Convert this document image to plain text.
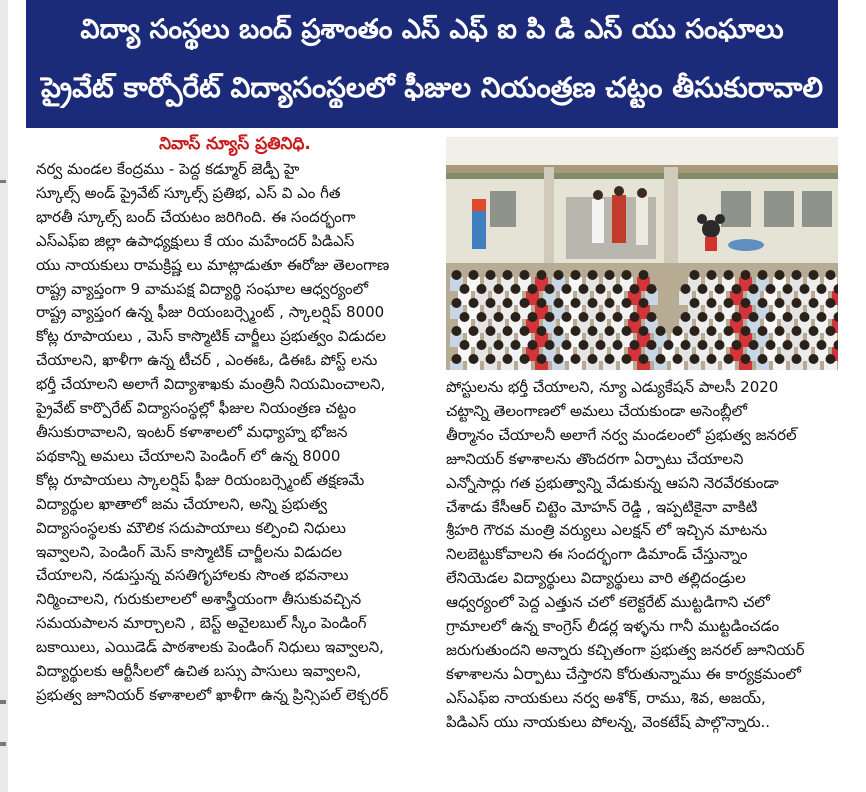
విద్యా సంస్థలు బంద్ ప్రశాంతం ఎస్ ఎఫ్ ఐ పి డి ఎస్ యు సంఘాలు
ప్రైవేట్ కార్పోరేట్ విద్యాసంస్థలలో ఫీజుల నియంత్రణ చట్టం తీసుకురావాలి
నివాస్ న్యూస్ ప్రతినిధి.

నర్వ మండల కేంద్రము - పెద్ద కడ్మూర్ జెడ్పీ హై

స్కూల్స్ అండ్ ప్రైవేట్ స్కూల్స్ ప్రతిభ, ఎస్ వి ఎం గీత

భారతీ స్కూల్స్ బంద్ చేయటం జరిగింది. ఈ సందర్భంగా

ఎస్ఎఫ్ఐ జిల్లా ఉపాధ్యక్షులు కే యం మహేందర్ పిడిఎస్

యు నాయకులు రామక్రిష్ణ లు మాట్లాడుతూ ఈరోజు తెలంగాణ

రాష్ట్ర వ్యాప్తంగా 9 వామపక్ష విద్యార్థి సంఘాల ఆధ్వర్యంలో

రాష్ట్ర వ్యాప్తంగ ఉన్న ఫీజు రియంబర్స్మెంట్ , స్కాలర్షిప్ 8000

కోట్ల రూపాయలు , మెస్ కాస్మొటిక్ చార్జీలు ప్రభుత్వం విడుదల

చేయాలని, ఖాళీగా ఉన్న టీచర్ , ఎంఈఓ, డిఈఓ పోస్ట్ లను

భర్తీ చేయాలని అలాగే విద్యాశాఖకు మంత్రినీ నియమించాలని,

ప్రైవేట్ కార్పొరేట్ విద్యాసంస్థల్లో ఫీజుల నియంత్రణ చట్టం

తీసుకురావాలని, ఇంటర్ కళాశాలలో మధ్యాహ్న భోజన

పథకాన్ని అమలు చేయాలని పెండింగ్ లో ఉన్న 8000

కోట్ల రూపాయలు స్కాలర్షిప్ ఫీజు రియంబర్స్మెంట్ తక్షణమే

విద్యార్థుల ఖాతాలో జమ చేయాలని, అన్ని ప్రభుత్వ

విద్యాసంస్థలకు మౌలిక సదుపాయాలు కల్పించి నిధులు

ఇవ్వాలని, పెండింగ్ మెస్ కాస్మొటిక్ చార్జీలను విడుదల

చేయాలని, నడుస్తున్న వసతిగృహాలకు సొంత భవనాలు

నిర్మించాలని, గురుకులాలలో అశాస్త్రీయంగా తీసుకువచ్చిన

సమయపాలన మార్చాలని , బెస్ట్ అవైలబుల్ స్కీం పెండింగ్

బకాయిలు, ఎయిడెడ్ పాఠశాలకు పెండింగ్ నిధులు ఇవ్వాలని,

విద్యార్థులకు ఆర్టీసీలలో ఉచిత బస్సు పాసులు ఇవ్వాలని,

ప్రభుత్వ జూనియర్ కళాశాలలో ఖాళీగా ఉన్న ప్రిన్సిపల్ లెక్చరర్

పోస్టులను భర్తీ చేయాలని, న్యూ ఎడ్యుకేషన్ పాలసీ 2020

చట్టాన్ని తెలంగాణలో అమలు చేయకుండా అసెంబ్లీలో

తీర్మానం చేయాలనీ అలాగే నర్వ మండలంలో ప్రభుత్వ జనరల్

జూనియర్ కళాశాలను తొందరగా ఏర్పాటు చేయాలని

ఎన్నోసార్లు గత ప్రభుత్వాన్ని వేడుకున్న ఆపని నెరవేరకుండా

చేశాడు కేసీఆర్ చిట్టెం మోహన్ రెడ్డి , ఇప్పటికైనా వాకిటి

శ్రీహరి గౌరవ మంత్రి వర్యులు ఎలక్షన్ లో ఇచ్చిన మాటను

నిలబెట్టుకోవాలని ఈ సందర్భంగా డిమాండ్ చేస్తున్నాం

లేనియెడల విద్యార్థులు విద్యార్థులు వారి తల్లిదండ్రుల

ఆధ్వర్యంలో పెద్ద ఎత్తున చలో కలెక్టరేట్ ముట్టడిగాని చలో

గ్రామాలలో ఉన్న కాంగ్రెస్ లీడర్ల ఇళ్ళను గానీ ముట్టడించడం

జరుగుతుందని అన్నారు కచ్చితంగా ప్రభుత్వ జనరల్ జూనియర్

కళాశాలను ఏర్పాటు చేస్తారని కోరుతున్నాము ఈ కార్యక్రమంలో

ఎస్ఎఫ్ఐ నాయకులు నర్వ అశోక్, రాము, శివ, అజయ్,

పిడిఎస్ యు నాయకులు పోలన్న, వెంకటేష్ పాల్గొన్నారు..
